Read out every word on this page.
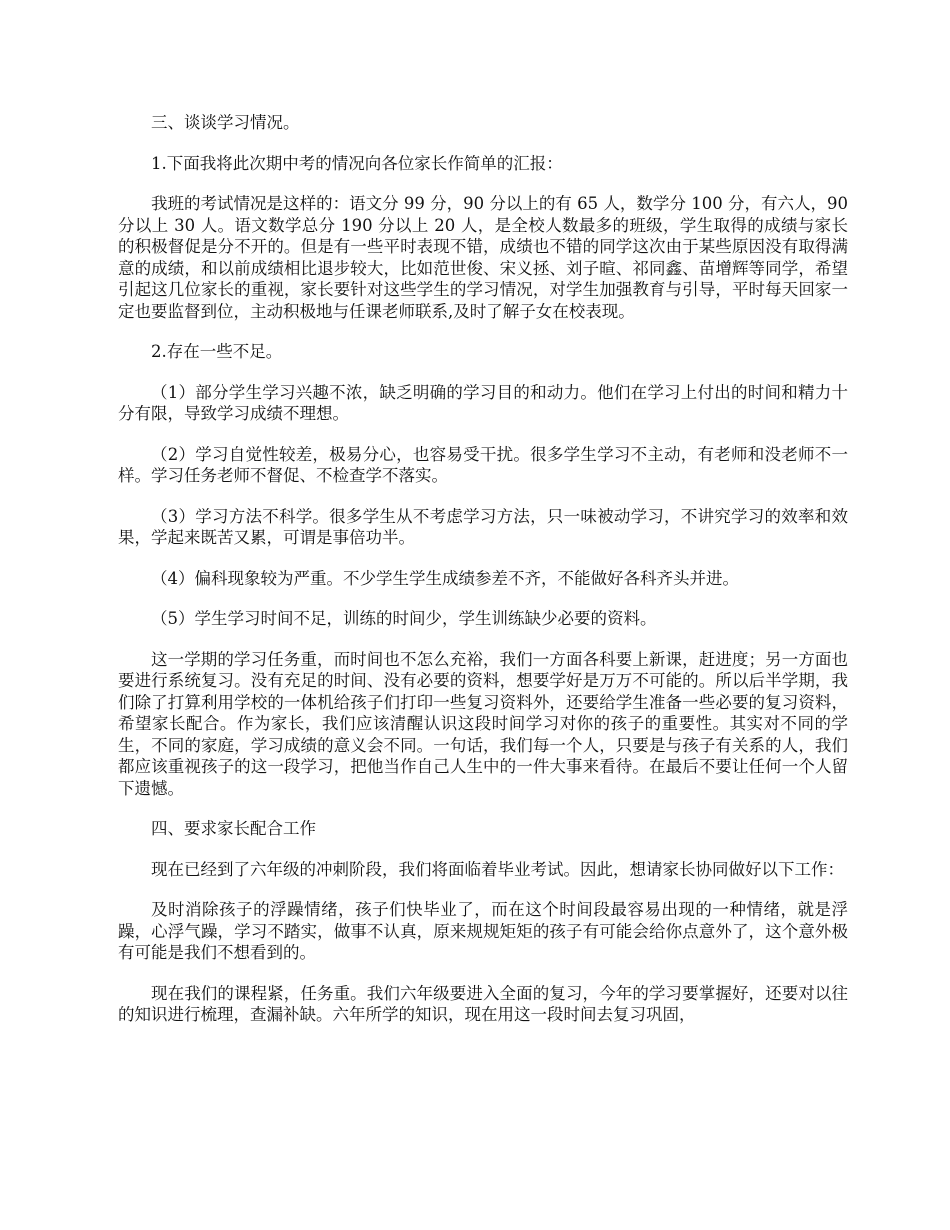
三、谈谈学习情况。

1.下面我将此次期中考的情况向各位家长作简单的汇报：

我班的考试情况是这样的：语文分 99 分，90 分以上的有 65 人，数学分 100 分，有六人，90 分以上 30 人。语文数学总分 190 分以上 20 人，是全校人数最多的班级，学生取得的成绩与家长的积极督促是分不开的。但是有一些平时表现不错，成绩也不错的同学这次由于某些原因没有取得满意的成绩，和以前成绩相比退步较大，比如范世俊、宋义拯、刘子暄、祁同鑫、苗增辉等同学，希望引起这几位家长的重视，家长要针对这些学生的学习情况，对学生加强教育与引导，平时每天回家一定也要监督到位，主动积极地与任课老师联系,及时了解子女在校表现。

2.存在一些不足。

（1）部分学生学习兴趣不浓，缺乏明确的学习目的和动力。他们在学习上付出的时间和精力十分有限，导致学习成绩不理想。

（2）学习自觉性较差，极易分心，也容易受干扰。很多学生学习不主动，有老师和没老师不一样。学习任务老师不督促、不检查学不落实。

（3）学习方法不科学。很多学生从不考虑学习方法，只一味被动学习，不讲究学习的效率和效果，学起来既苦又累，可谓是事倍功半。

（4）偏科现象较为严重。不少学生学生成绩参差不齐，不能做好各科齐头并进。

（5）学生学习时间不足，训练的时间少，学生训练缺少必要的资料。

这一学期的学习任务重，而时间也不怎么充裕，我们一方面各科要上新课，赶进度；另一方面也要进行系统复习。没有充足的时间、没有必要的资料，想要学好是万万不可能的。所以后半学期，我们除了打算利用学校的一体机给孩子们打印一些复习资料外，还要给学生准备一些必要的复习资料，希望家长配合。作为家长，我们应该清醒认识这段时间学习对你的孩子的重要性。其实对不同的学生，不同的家庭，学习成绩的意义会不同。一句话，我们每一个人，只要是与孩子有关系的人，我们都应该重视孩子的这一段学习，把他当作自己人生中的一件大事来看待。在最后不要让任何一个人留下遗憾。

四、要求家长配合工作

现在已经到了六年级的冲刺阶段，我们将面临着毕业考试。因此，想请家长协同做好以下工作：

及时消除孩子的浮躁情绪，孩子们快毕业了，而在这个时间段最容易出现的一种情绪，就是浮躁，心浮气躁，学习不踏实，做事不认真，原来规规矩矩的孩子有可能会给你点意外了，这个意外极有可能是我们不想看到的。

现在我们的课程紧，任务重。我们六年级要进入全面的复习，今年的学习要掌握好，还要对以往的知识进行梳理，查漏补缺。六年所学的知识，现在用这一段时间去复习巩固，
